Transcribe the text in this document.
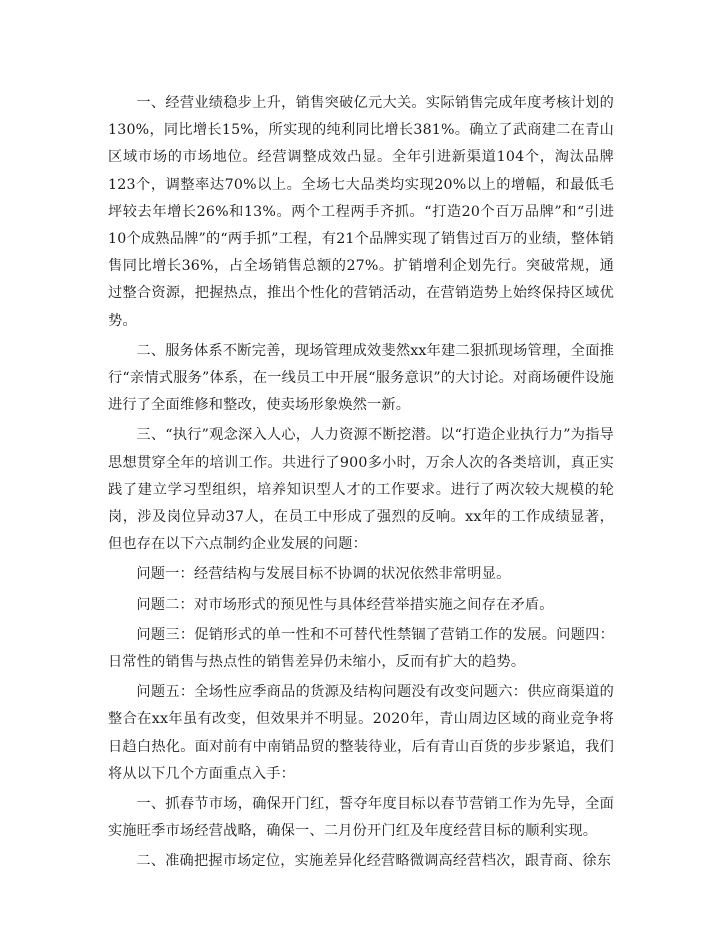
一、经营业绩稳步上升，销售突破亿元大关。实际销售完成年度考核计划的130%，同比增长15%，所实现的纯利同比增长381%。确立了武商建二在青山区域市场的市场地位。经营调整成效凸显。全年引进新渠道104个，淘汰品牌123个，调整率达70%以上。全场七大品类均实现20%以上的增幅，和最低毛坪较去年增长26%和13%。两个工程两手齐抓。“打造20个百万品牌”和“引进10个成熟品牌”的“两手抓”工程，有21个品牌实现了销售过百万的业绩，整体销售同比增长36%，占全场销售总额的27%。扩销增利企划先行。突破常规，通过整合资源，把握热点，推出个性化的营销活动，在营销造势上始终保持区域优势。

二、服务体系不断完善，现场管理成效斐然xx年建二狠抓现场管理，全面推行“亲情式服务”体系，在一线员工中开展“服务意识”的大讨论。对商场硬件设施进行了全面维修和整改，使卖场形象焕然一新。

三、“执行”观念深入人心，人力资源不断挖潜。以“打造企业执行力”为指导思想贯穿全年的培训工作。共进行了900多小时，万余人次的各类培训，真正实践了建立学习型组织，培养知识型人才的工作要求。进行了两次较大规模的轮岗，涉及岗位异动37人，在员工中形成了强烈的反响。xx年的工作成绩显著，但也存在以下六点制约企业发展的问题：

问题一：经营结构与发展目标不协调的状况依然非常明显。

问题二：对市场形式的预见性与具体经营举措实施之间存在矛盾。

问题三：促销形式的单一性和不可替代性禁锢了营销工作的发展。问题四：日常性的销售与热点性的销售差异仍未缩小，反而有扩大的趋势。

问题五：全场性应季商品的货源及结构问题没有改变问题六：供应商渠道的整合在xx年虽有改变，但效果并不明显。2020年，青山周边区域的商业竞争将日趋白热化。面对前有中南销品贸的整装待业，后有青山百货的步步紧追，我们将从以下几个方面重点入手：

一、抓春节市场，确保开门红，誓夺年度目标以春节营销工作为先导，全面实施旺季市场经营战略，确保一、二月份开门红及年度经营目标的顺利实现。

二、准确把握市场定位，实施差异化经营略微调高经营档次，跟青商、徐东
